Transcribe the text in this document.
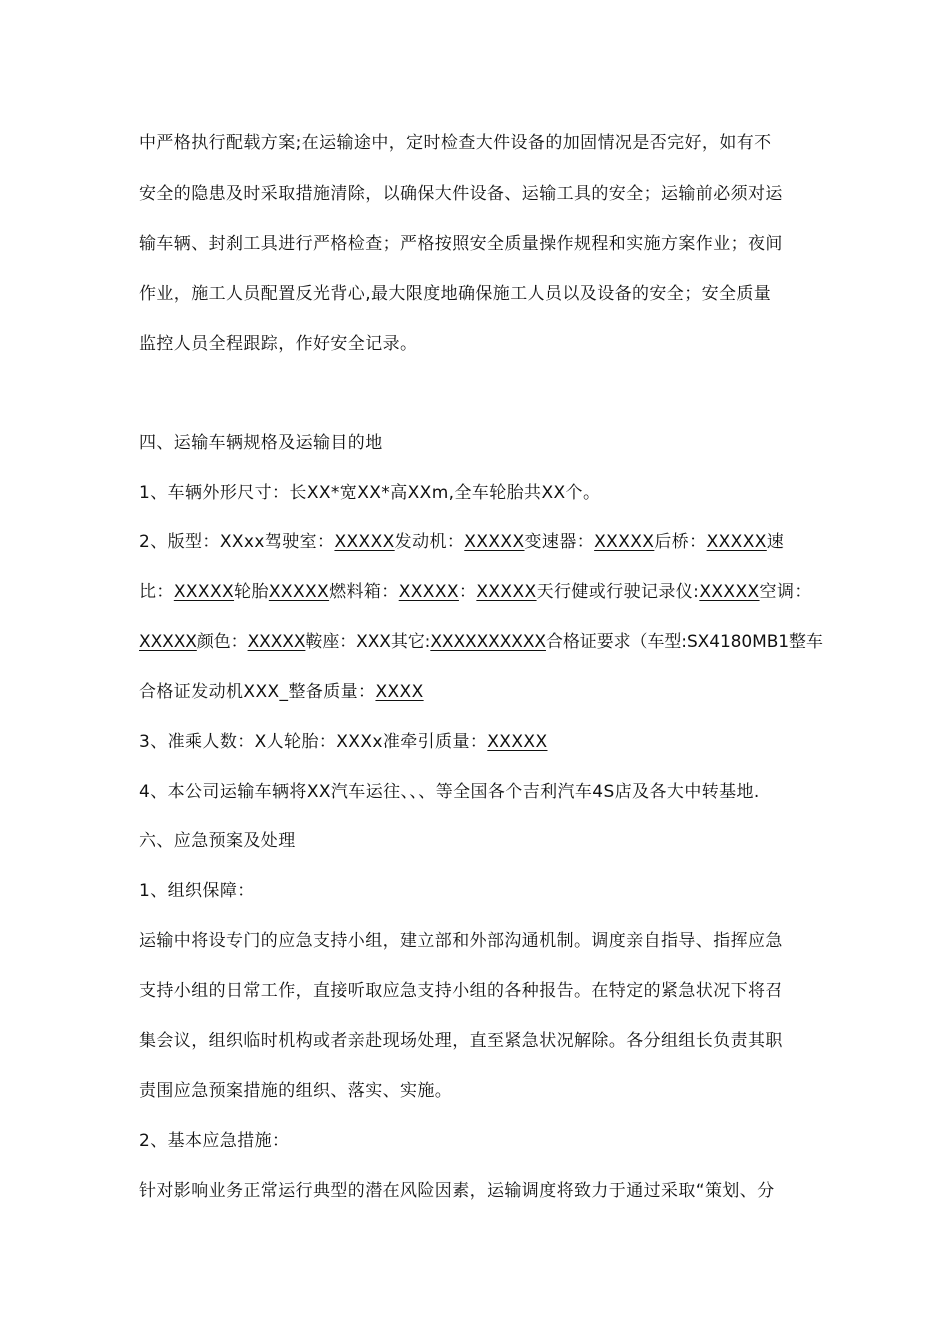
中严格执行配载方案;在运输途中，定时检查大件设备的加固情况是否完好，如有不
安全的隐患及时采取措施清除，以确保大件设备、运输工具的安全；运输前必须对运
输车辆、封刹工具进行严格检查；严格按照安全质量操作规程和实施方案作业；夜间
作业，施工人员配置反光背心,最大限度地确保施工人员以及设备的安全；安全质量
监控人员全程跟踪，作好安全记录。
四、运输车辆规格及运输目的地
1、车辆外形尺寸：长XX*宽XX*高XXm,全车轮胎共XX个。
2、版型：XXxx驾驶室：XXXXX发动机：XXXXX变速器：XXXXX后桥：XXXXX速
比：XXXXX轮胎XXXXX燃料箱：XXXXX：XXXXX天行健或行驶记录仪:XXXXX空调：
XXXXX颜色：XXXXX鞍座：XXX其它:XXXXXXXXXX合格证要求（车型:SX4180MB1整车
合格证发动机XXX_整备质量：XXXX
3、准乘人数：X人轮胎：XXXx准牵引质量：XXXXX
4、本公司运输车辆将XX汽车运往、、、等全国各个吉利汽车4S店及各大中转基地.
六、应急预案及处理
1、组织保障：
运输中将设专门的应急支持小组，建立部和外部沟通机制。调度亲自指导、指挥应急
支持小组的日常工作，直接听取应急支持小组的各种报告。在特定的紧急状况下将召
集会议，组织临时机构或者亲赴现场处理，直至紧急状况解除。各分组组长负责其职
责围应急预案措施的组织、落实、实施。
2、基本应急措施：
针对影响业务正常运行典型的潜在风险因素，运输调度将致力于通过采取“策划、分
